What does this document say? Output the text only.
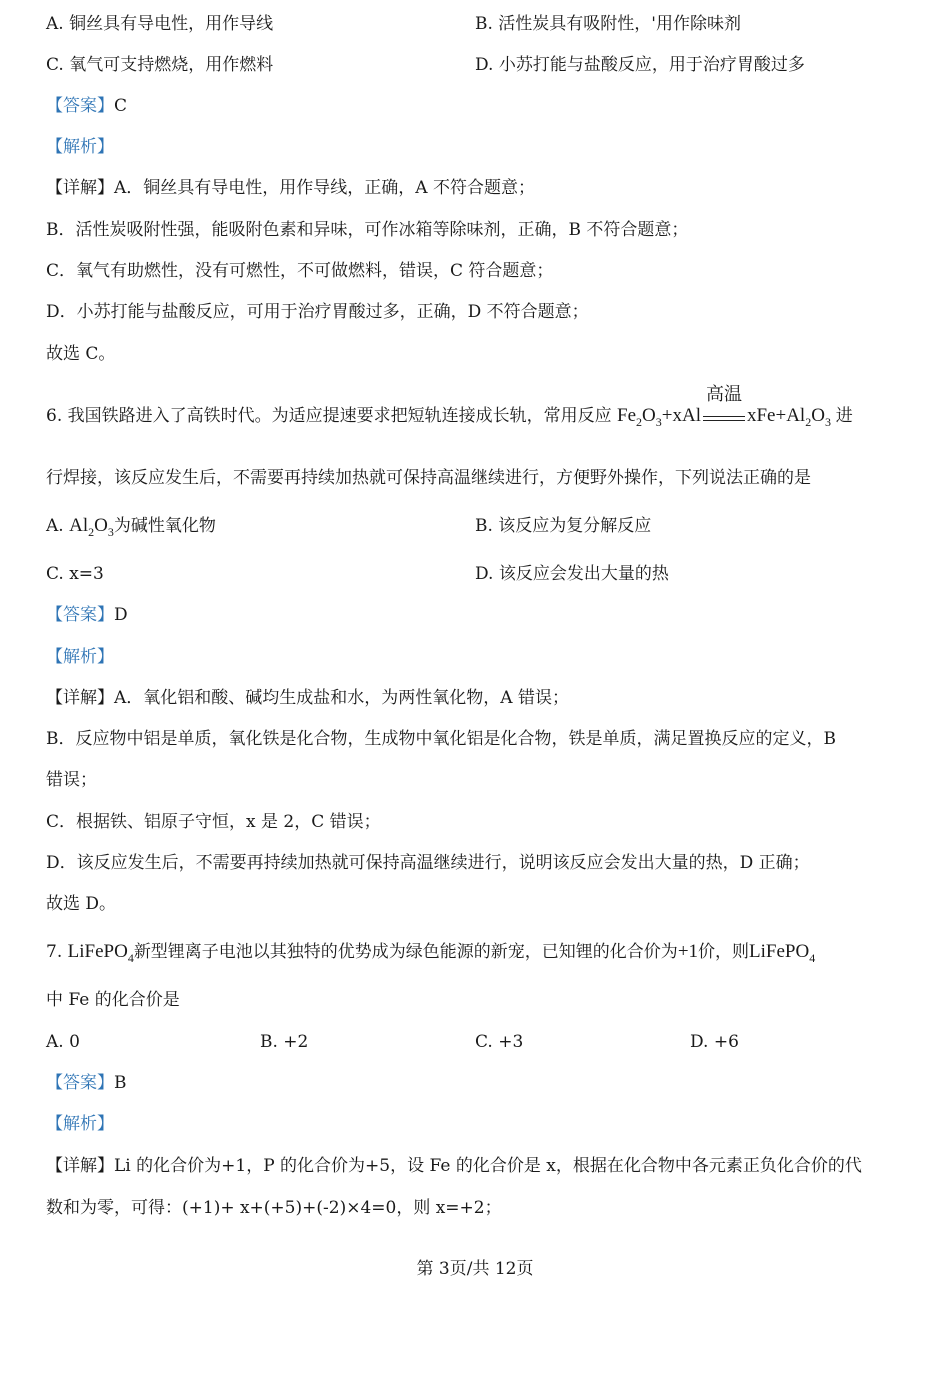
A. 铜丝具有导电性，用作导线	B. 活性炭具有吸附性，'用作除味剂
C. 氧气可支持燃烧，用作燃料	D. 小苏打能与盐酸反应，用于治疗胃酸过多
【答案】C
【解析】
【详解】A．铜丝具有导电性，用作导线，正确，A 不符合题意；
B．活性炭吸附性强，能吸附色素和异味，可作冰箱等除味剂，正确，B 不符合题意；
C．氧气有助燃性，没有可燃性，不可做燃料，错误，C 符合题意；
D．小苏打能与盐酸反应，可用于治疗胃酸过多，正确，D 不符合题意；
故选 C。
6. 我国铁路进入了高铁时代。为适应提速要求把短轨连接成长轨，常用反应 $Fe_2O_3+xAl$
高温
$xFe+Al_2O_3$ 进
行焊接，该反应发生后，不需要再持续加热就可保持高温继续进行，方便野外操作，下列说法正确的是
A. $Al_2O_3$为碱性氧化物	B. 该反应为复分解反应
C. x=3	D. 该反应会发出大量的热
【答案】D
【解析】
【详解】A．氧化铝和酸、碱均生成盐和水，为两性氧化物，A 错误；
B．反应物中铝是单质，氧化铁是化合物，生成物中氧化铝是化合物，铁是单质，满足置换反应的定义，B
错误；
C．根据铁、铝原子守恒，x 是 2，C 错误；
D．该反应发生后，不需要再持续加热就可保持高温继续进行，说明该反应会发出大量的热，D 正确；
故选 D。
7. LiFePO$_4$新型锂离子电池以其独特的优势成为绿色能源的新宠，已知锂的化合价为+1价，则LiFePO$_4$
中 Fe 的化合价是
A. 0	B. +2	C. +3	D. +6
【答案】B
【解析】
【详解】Li 的化合价为+1，P 的化合价为+5，设 Fe 的化合价是 x，根据在化合物中各元素正负化合价的代
数和为零，可得：(+1)+ x+(+5)+(-2)×4=0，则 x=+2；
第 3页/共 12页
